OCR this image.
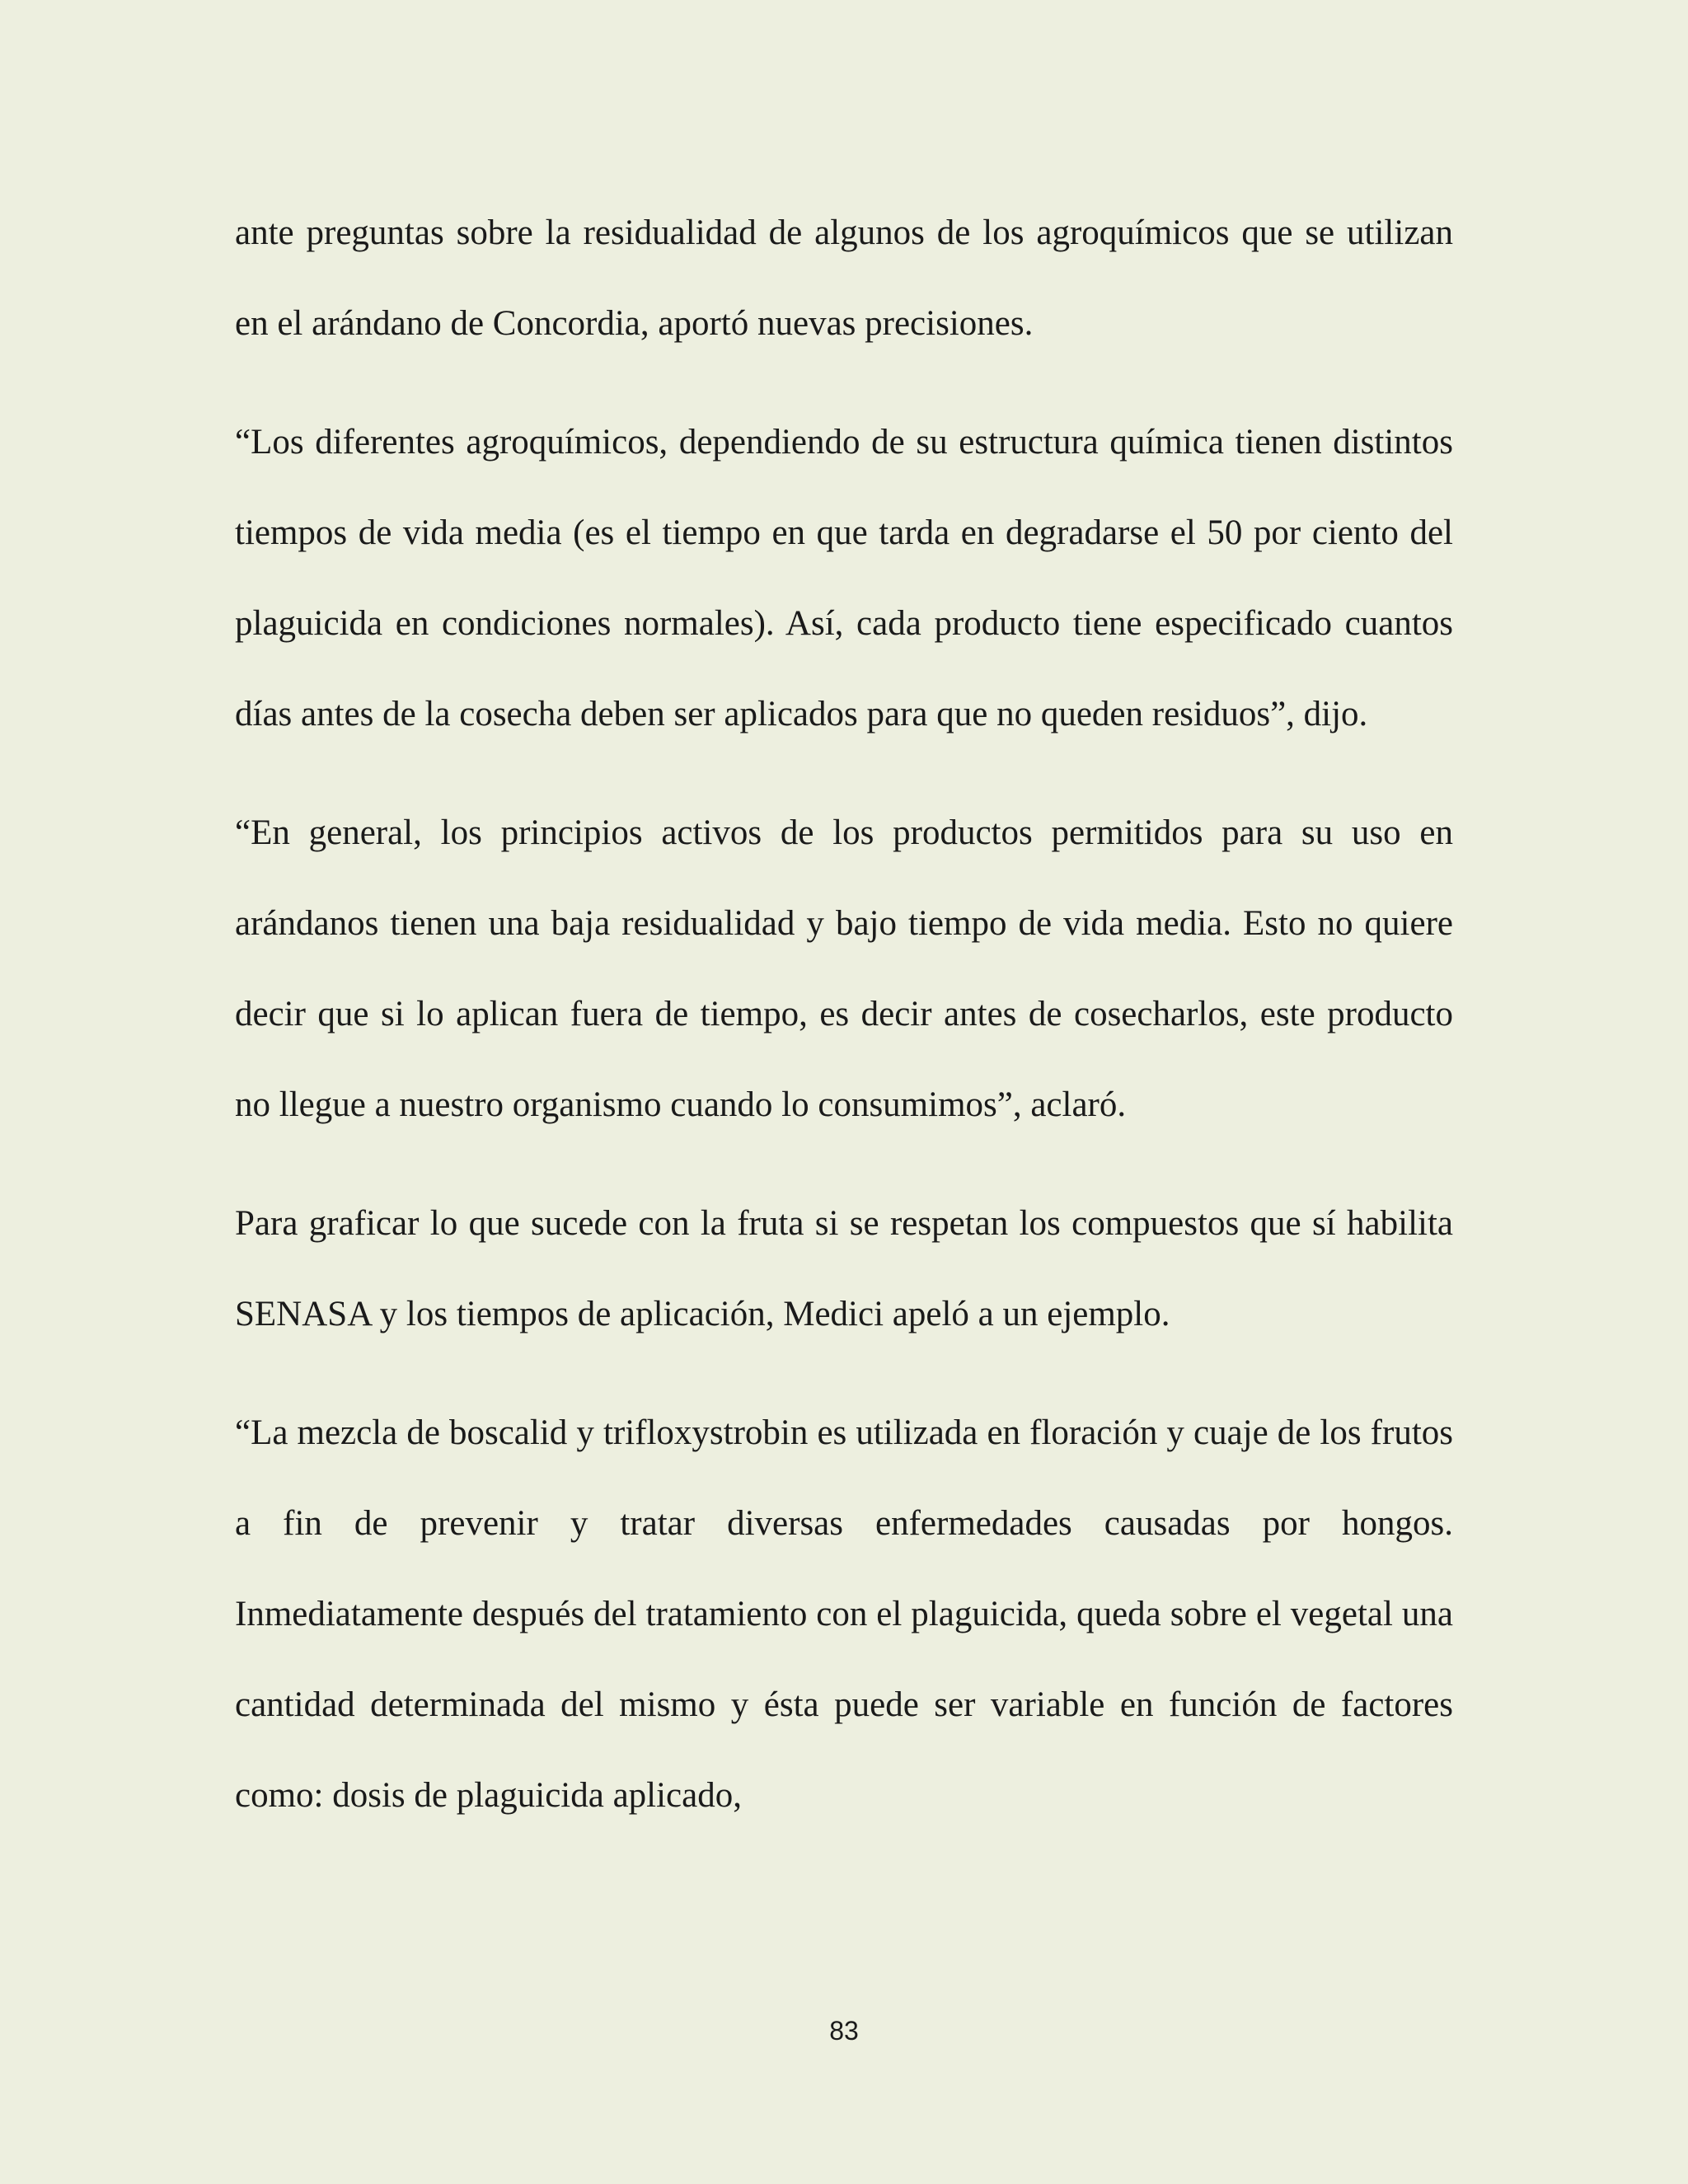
ante preguntas sobre la residualidad de algunos de los agroquímicos que se utilizan en el arándano de Concordia, aportó nuevas precisiones.

“Los diferentes agroquímicos, dependiendo de su estructura química tienen distintos tiempos de vida media (es el tiempo en que tarda en degradarse el 50 por ciento del plaguicida en condiciones normales). Así, cada producto tiene especificado cuantos días antes de la cosecha deben ser aplicados para que no queden residuos”, dijo.

“En general, los principios activos de los productos permitidos para su uso en arándanos tienen una baja residualidad y bajo tiempo de vida media. Esto no quiere decir que si lo aplican fuera de tiempo, es decir antes de cosecharlos, este producto no llegue a nuestro organismo cuando lo consumimos”, aclaró.

Para graficar lo que sucede con la fruta si se respetan los compuestos que sí habilita SENASA y los tiempos de aplicación, Medici apeló a un ejemplo.

“La mezcla de boscalid y trifloxystrobin es utilizada en floración y cuaje de los frutos a fin de prevenir y tratar diversas enfermedades causadas por hongos. Inmediatamente después del tratamiento con el plaguicida, queda sobre el vegetal una cantidad determinada del mismo y ésta puede ser variable en función de factores como: dosis de plaguicida aplicado,

83
